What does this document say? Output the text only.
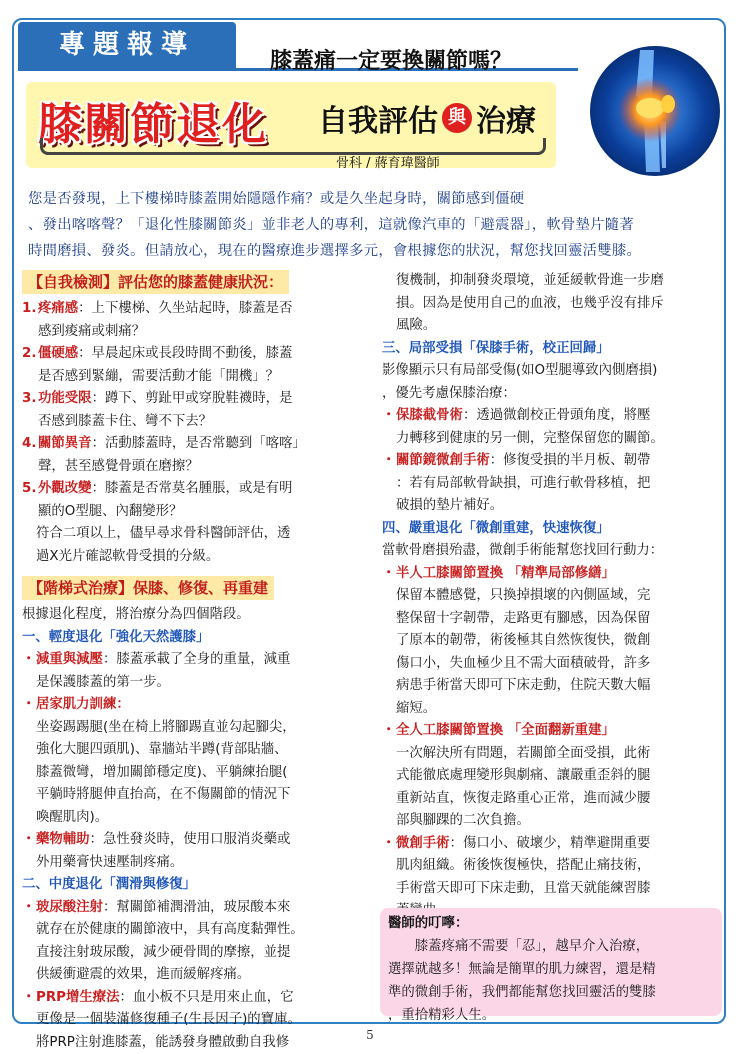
專題報導
膝蓋痛一定要換關節嗎？
膝關節退化 自我評估 與 治療
骨科 / 蔣育瑋醫師

您是否發現，上下樓梯時膝蓋開始隱隱作痛？或是久坐起身時，關節感到僵硬

、發出喀喀聲？「退化性膝關節炎」並非老人的專利，這就像汽車的「避震器」，軟骨墊片隨著

時間磨損、發炎。但請放心，現在的醫療進步選擇多元，會根據您的狀況，幫您找回靈活雙膝。

【自我檢測】評估您的膝蓋健康狀況：
1. 疼痛感：上下樓梯、久坐站起時，膝蓋是否
感到痠痛或刺痛？
2. 僵硬感：早晨起床或長段時間不動後，膝蓋
是否感到緊繃，需要活動才能「開機」？
3. 功能受限：蹲下、剪趾甲或穿脫鞋襪時，是
否感到膝蓋卡住、彎不下去？
4. 關節異音：活動膝蓋時，是否常聽到「喀喀」
聲，甚至感覺骨頭在磨擦？
5. 外觀改變：膝蓋是否常莫名腫脹，或是有明
顯的O型腿、內翻變形？

符合二項以上，儘早尋求骨科醫師評估，透

過X光片確認軟骨受損的分級。

【階梯式治療】保膝、修復、再重建

根據退化程度，將治療分為四個階段。

一、輕度退化「強化天然護膝」

・ 減重與減壓：膝蓋承載了全身的重量，減重
是保護膝蓋的第一步。
・ 居家肌力訓練：

坐姿踢踢腿(坐在椅上將腳踢直並勾起腳尖，

強化大腿四頭肌)、靠牆站半蹲(背部貼牆、

膝蓋微彎，增加關節穩定度)、平躺練抬腿(

平躺時將腿伸直抬高，在不傷關節的情況下

喚醒肌肉)。

・ 藥物輔助：急性發炎時，使用口服消炎藥或
外用藥膏快速壓制疼痛。

二、中度退化「潤滑與修復」

・ 玻尿酸注射：幫關節補潤滑油，玻尿酸本來
就存在於健康的關節液中，具有高度黏彈性。
直接注射玻尿酸，減少硬骨間的摩擦，並提
供緩衝避震的效果，進而緩解疼痛。
・ PRP增生療法：血小板不只是用來止血，它
更像是一個裝滿修復種子(生長因子)的寶庫。
將PRP注射進膝蓋，能誘發身體啟動自我修

復機制，抑制發炎環境，並延緩軟骨進一步磨

損。因為是使用自己的血液，也幾乎沒有排斥

風險。

三、局部受損「保膝手術，校正回歸」

影像顯示只有局部受傷(如O型腿導致內側磨損)

，優先考慮保膝治療：

・ 保膝截骨術：透過微創校正骨頭角度，將壓
力轉移到健康的另一側，完整保留您的關節。
・ 關節鏡微創手術：修復受損的半月板、韌帶
：若有局部軟骨缺損，可進行軟骨移植，把
破損的墊片補好。

四、嚴重退化「微創重建，快速恢復」

當軟骨磨損殆盡，微創手術能幫您找回行動力：

・ 半人工膝關節置換 「精準局部修繕」
保留本體感覺，只換掉損壞的內側區域，完
整保留十字韌帶，走路更有腳感，因為保留
了原本的韌帶，術後極其自然恢復快，微創
傷口小，失血極少且不需大面積破骨，許多
病患手術當天即可下床走動，住院天數大幅
縮短。
・ 全人工膝關節置換 「全面翻新重建」
一次解決所有問題，若關節全面受損，此術
式能徹底處理變形與劇痛、讓嚴重歪斜的腿
重新站直，恢復走路重心正常，進而減少腰
部與腳踝的二次負擔。
・ 微創手術：傷口小、破壞少，精準避開重要
肌肉組織。術後恢復極快，搭配止痛技術，
手術當天即可下床走動，且當天就能練習膝

醫師的叮嚀：
　　膝蓋疼痛不需要「忍」，越早介入治療，
選擇就越多！無論是簡單的肌力練習，還是精
準的微創手術，我們都能幫您找回靈活的雙膝
，重拾精彩人生。
5
